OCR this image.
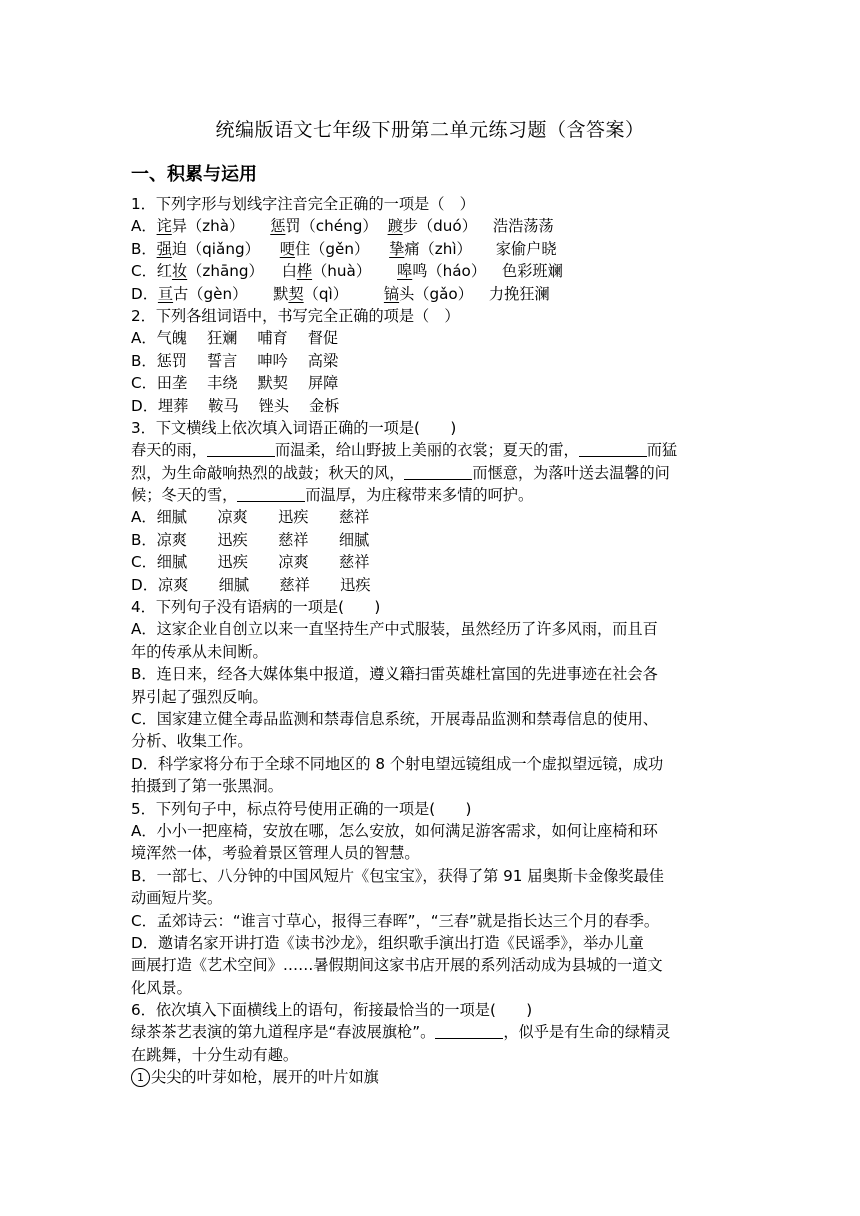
统编版语文七年级下册第二单元练习题（含答案）
一、积累与运用
1．下列字形与划线字注音完全正确的一项是（　）
A．诧异（zhà） 惩罚（chéng） 踱步（duó） 浩浩荡荡
B．强迫（qiǎng） 哽住（gěn） 挚痛（zhì） 家偷户晓
C．红妆（zhāng） 白桦（huà） 嗥鸣（háo） 色彩班斓
D．亘古（gèn） 默契（qì） 镐头（gǎo） 力挽狂澜
2．下列各组词语中，书写完全正确的项是（　）
A．气魄　 狂斓　 哺育　 督促
B．惩罚　 誓言　 呻吟　 高梁
C．田垄　 丰绕　 默契　 屏障
D．埋葬　 鞍马　 锉头　 金柝
3．下文横线上依次填入词语正确的一项是(　　)
春天的雨，	而温柔，给山野披上美丽的衣裳；夏天的雷，	而猛
烈，为生命敲响热烈的战鼓；秋天的风，	而惬意，为落叶送去温馨的问
候；冬天的雪，	而温厚，为庄稼带来多情的呵护。
A．细腻　　凉爽　　迅疾　　慈祥
B．凉爽　　迅疾　　慈祥　　细腻
C．细腻　　迅疾　　凉爽　　慈祥
D．凉爽　　细腻　　慈祥　　迅疾
4．下列句子没有语病的一项是(　　)
A．这家企业自创立以来一直坚持生产中式服装，虽然经历了许多风雨，而且百
年的传承从未间断。
B．连日来，经各大媒体集中报道，遵义籍扫雷英雄杜富国的先进事迹在社会各
界引起了强烈反响。
C．国家建立健全毒品监测和禁毒信息系统，开展毒品监测和禁毒信息的使用、
分析、收集工作。
D．科学家将分布于全球不同地区的 8 个射电望远镜组成一个虚拟望远镜，成功
拍摄到了第一张黑洞。
5．下列句子中，标点符号使用正确的一项是(　　)
A．小小一把座椅，安放在哪，怎么安放，如何满足游客需求，如何让座椅和环
境浑然一体，考验着景区管理人员的智慧。
B．一部七、八分钟的中国风短片《包宝宝》，获得了第 91 届奥斯卡金像奖最佳
动画短片奖。
C．孟郊诗云：“谁言寸草心，报得三春晖”，“三春”就是指长达三个月的春季。
D．邀请名家开讲打造《读书沙龙》，组织歌手演出打造《民谣季》，举办儿童
画展打造《艺术空间》……暑假期间这家书店开展的系列活动成为县城的一道文
化风景。
6．依次填入下面横线上的语句，衔接最恰当的一项是(　　)
绿茶茶艺表演的第九道程序是“春波展旗枪”。	，似乎是有生命的绿精灵
在跳舞，十分生动有趣。
1 尖尖的叶芽如枪，展开的叶片如旗
